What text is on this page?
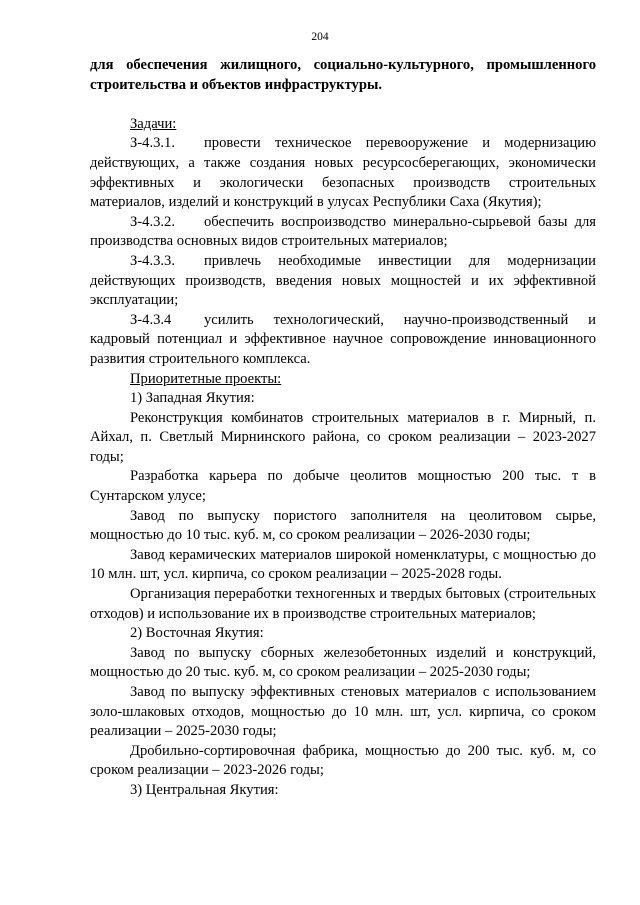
204

для обеспечения жилищного, социально-культурного, промышленного строительства и объектов инфраструктуры.

Задачи:

З-4.3.1. провести техническое перевооружение и модернизацию действующих, а также создания новых ресурсосберегающих, экономически эффективных и экологически безопасных производств строительных материалов, изделий и конструкций в улусах Республики Саха (Якутия);

З-4.3.2. обеспечить воспроизводство минерально-сырьевой базы для производства основных видов строительных материалов;

З-4.3.3. привлечь необходимые инвестиции для модернизации действующих производств, введения новых мощностей и их эффективной эксплуатации;

З-4.3.4 усилить технологический, научно-производственный и кадровый потенциал и эффективное научное сопровождение инновационного развития строительного комплекса.

Приоритетные проекты:

1) Западная Якутия:

Реконструкция комбинатов строительных материалов в г. Мирный, п. Айхал, п. Светлый Мирнинского района, со сроком реализации – 2023-2027 годы;

Разработка карьера по добыче цеолитов мощностью 200 тыс. т в Сунтарском улусе;

Завод по выпуску пористого заполнителя на цеолитовом сырье, мощностью до 10 тыс. куб. м, со сроком реализации – 2026-2030 годы;

Завод керамических материалов широкой номенклатуры, с мощностью до 10 млн. шт, усл. кирпича, со сроком реализации – 2025-2028 годы.

Организация переработки техногенных и твердых бытовых (строительных отходов) и использование их в производстве строительных материалов;

2) Восточная Якутия:

Завод по выпуску сборных железобетонных изделий и конструкций, мощностью до 20 тыс. куб. м, со сроком реализации – 2025-2030 годы;

Завод по выпуску эффективных стеновых материалов с использованием золо-шлаковых отходов, мощностью до 10 млн. шт, усл. кирпича, со сроком реализации – 2025-2030 годы;

Дробильно-сортировочная фабрика, мощностью до 200 тыс. куб. м, со сроком реализации – 2023-2026 годы;

3) Центральная Якутия:
